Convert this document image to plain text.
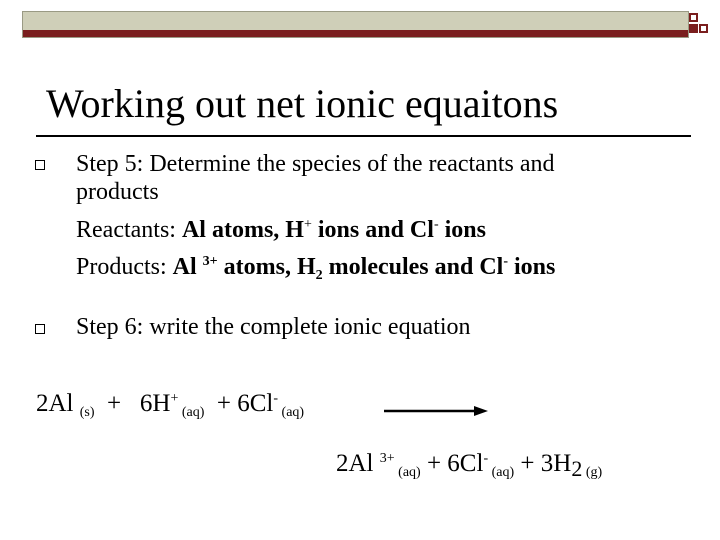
Working out net ionic equaitons
Step 5: Determine the species of the reactants and
products
Reactants: Al atoms, H+ ions and Cl- ions
Products: Al $^{3+}$ atoms, $H_2$ molecules and Cl- ions
Step 6: write the complete ionic equation
2Al $_{(s)}$  +   6H+ $_{(aq)}$  + 6Cl- $_{(aq)}$
2Al $^{3+}$ $_{(aq)}$ + 6Cl- $_{(aq)} + 3H_2$ $_{(g)}$
